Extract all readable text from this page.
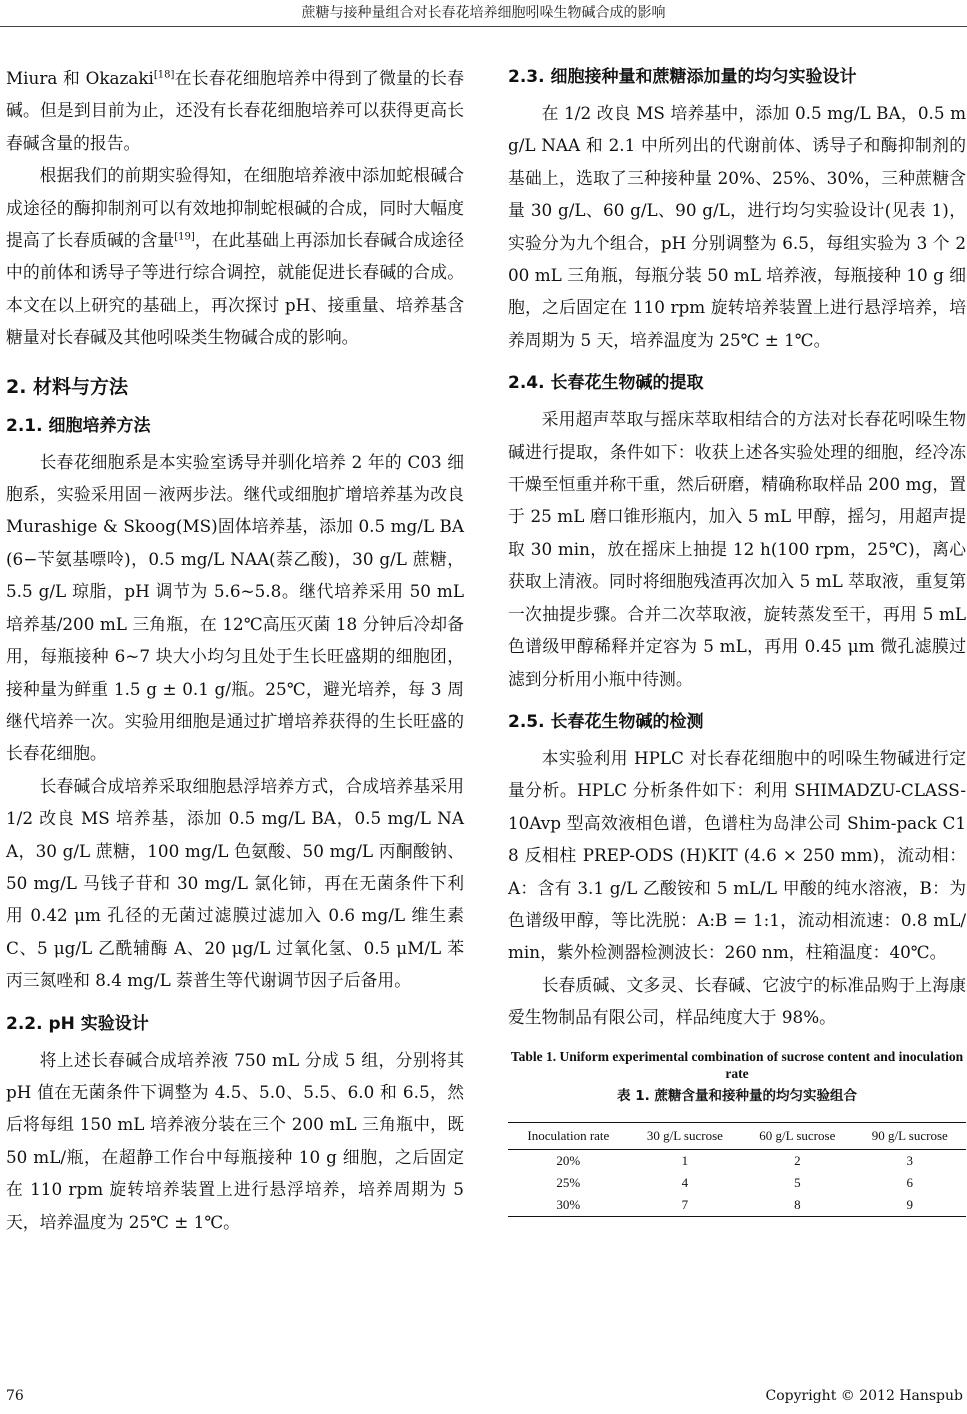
蔗糖与接种量组合对长春花培养细胞吲哚生物碱合成的影响

Miura 和 Okazaki[18]在长春花细胞培养中得到了微量的长春碱。但是到目前为止，还没有长春花细胞培养可以获得更高长春碱含量的报告。

根据我们的前期实验得知，在细胞培养液中添加蛇根碱合成途径的酶抑制剂可以有效地抑制蛇根碱的合成，同时大幅度提高了长春质碱的含量[19]，在此基础上再添加长春碱合成途径中的前体和诱导子等进行综合调控，就能促进长春碱的合成。本文在以上研究的基础上，再次探讨 pH、接重量、培养基含糖量对长春碱及其他吲哚类生物碱合成的影响。

2. 材料与方法
2.1. 细胞培养方法

长春花细胞系是本实验室诱导并驯化培养 2 年的 C03 细胞系，实验采用固－液两步法。继代或细胞扩增培养基为改良 Murashige & Skoog(MS)固体培养基，添加 0.5 mg/L BA(6−苄氨基嘌呤)，0.5 mg/L NAA(萘乙酸)，30 g/L 蔗糖，5.5 g/L 琼脂，pH 调节为 5.6~5.8。继代培养采用 50 mL 培养基/200 mL 三角瓶，在 12℃高压灭菌 18 分钟后冷却备用，每瓶接种 6~7 块大小均匀且处于生长旺盛期的细胞团，接种量为鲜重 1.5 g ± 0.1 g/瓶。25℃，避光培养，每 3 周继代培养一次。实验用细胞是通过扩增培养获得的生长旺盛的长春花细胞。

长春碱合成培养采取细胞悬浮培养方式，合成培养基采用 1/2 改良 MS 培养基，添加 0.5 mg/L BA，0.5 mg/L NAA，30 g/L 蔗糖，100 mg/L 色氨酸、50 mg/L 丙酮酸钠、50 mg/L 马钱子苷和 30 mg/L 氯化铈，再在无菌条件下利用 0.42 μm 孔径的无菌过滤膜过滤加入 0.6 mg/L 维生素 C、5 μg/L 乙酰辅酶 A、20 μg/L 过氧化氢、0.5 μM/L 苯丙三氮唑和 8.4 mg/L 萘普生等代谢调节因子后备用。

2.2. pH 实验设计

将上述长春碱合成培养液 750 mL 分成 5 组，分别将其 pH 值在无菌条件下调整为 4.5、5.0、5.5、6.0 和 6.5，然后将每组 150 mL 培养液分装在三个 200 mL 三角瓶中，既 50 mL/瓶，在超静工作台中每瓶接种 10 g 细胞，之后固定在 110 rpm 旋转培养装置上进行悬浮培养，培养周期为 5 天，培养温度为 25℃ ± 1℃。

2.3. 细胞接种量和蔗糖添加量的均匀实验设计

在 1/2 改良 MS 培养基中，添加 0.5 mg/L BA，0.5 mg/L NAA 和 2.1 中所列出的代谢前体、诱导子和酶抑制剂的基础上，选取了三种接种量 20%、25%、30%，三种蔗糖含量 30 g/L、60 g/L、90 g/L，进行均匀实验设计(见表 1)，实验分为九个组合，pH 分别调整为 6.5，每组实验为 3 个 200 mL 三角瓶，每瓶分装 50 mL 培养液，每瓶接种 10 g 细胞，之后固定在 110 rpm 旋转培养装置上进行悬浮培养，培养周期为 5 天，培养温度为 25℃ ± 1℃。

2.4. 长春花生物碱的提取

采用超声萃取与摇床萃取相结合的方法对长春花吲哚生物碱进行提取，条件如下：收获上述各实验处理的细胞，经冷冻干燥至恒重并称干重，然后研磨，精确称取样品 200 mg，置于 25 mL 磨口锥形瓶内，加入 5 mL 甲醇，摇匀，用超声提取 30 min，放在摇床上抽提 12 h(100 rpm，25℃)，离心获取上清液。同时将细胞残渣再次加入 5 mL 萃取液，重复第一次抽提步骤。合并二次萃取液，旋转蒸发至干，再用 5 mL 色谱级甲醇稀释并定容为 5 mL，再用 0.45 μm 微孔滤膜过滤到分析用小瓶中待测。

2.5. 长春花生物碱的检测

本实验利用 HPLC 对长春花细胞中的吲哚生物碱进行定量分析。HPLC 分析条件如下：利用 SHIMADZU-CLASS-10Avp 型高效液相色谱，色谱柱为岛津公司 Shim-pack C18 反相柱 PREP-ODS (H)KIT (4.6 × 250 mm)，流动相：A：含有 3.1 g/L 乙酸铵和 5 mL/L 甲酸的纯水溶液，B：为色谱级甲醇，等比洗脱：A:B = 1:1，流动相流速：0.8 mL/min，紫外检测器检测波长：260 nm，柱箱温度：40℃。

长春质碱、文多灵、长春碱、它波宁的标准品购于上海康爱生物制品有限公司，样品纯度大于 98%。

Table 1. Uniform experimental combination of sucrose content and inoculation rate
表 1. 蔗糖含量和接种量的均匀实验组合
Inoculation rate	30 g/L sucrose	60 g/L sucrose	90 g/L sucrose
20%	1	2	3
25%	4	5	6
30%	7	8	9
76	Copyright © 2012 Hanspub
